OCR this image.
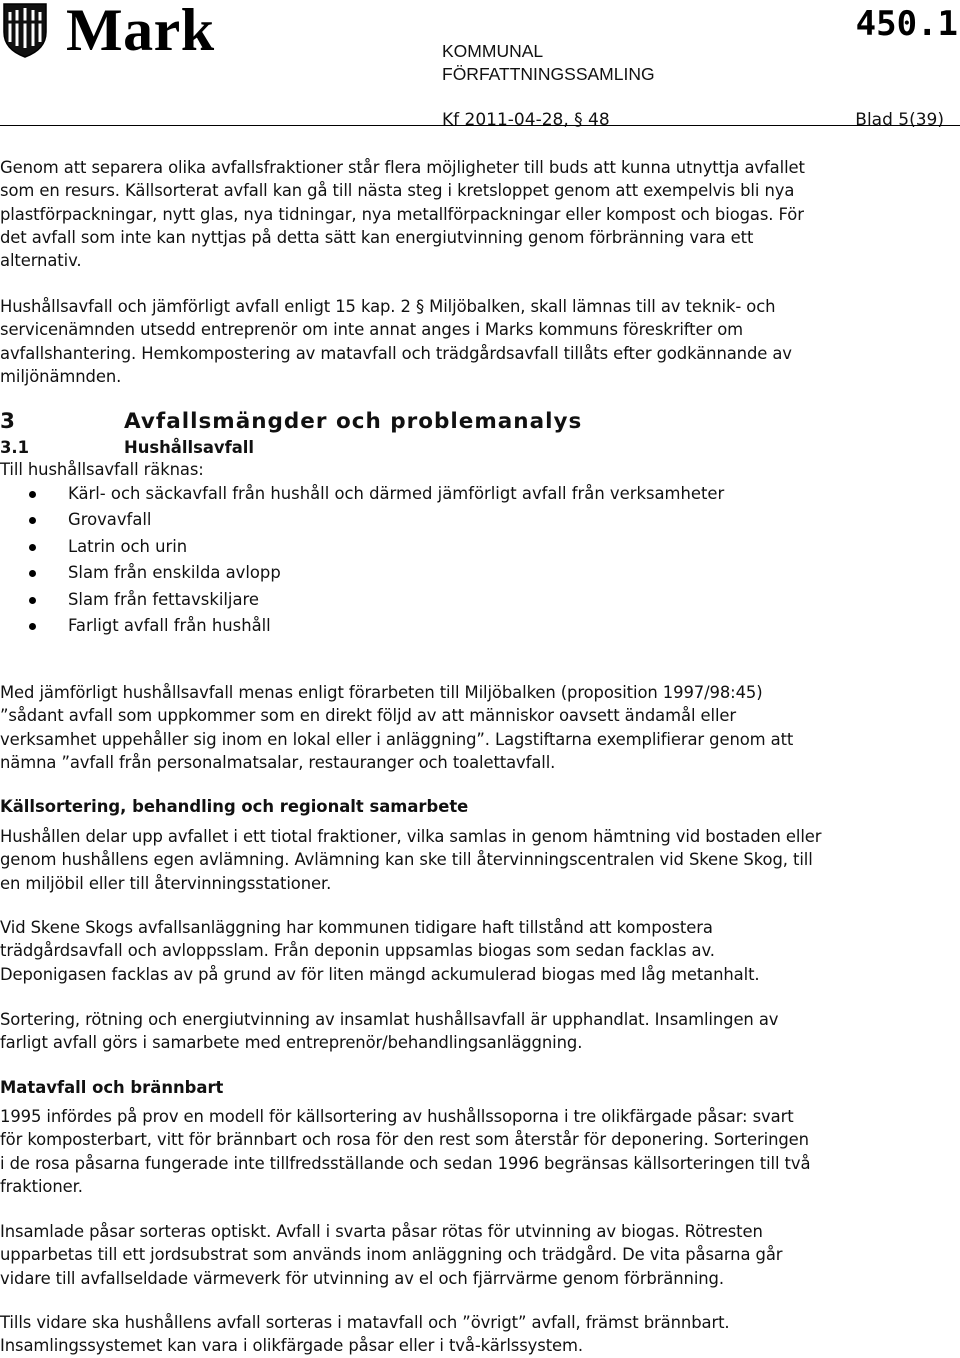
Mark	450.1
KOMMUNAL
FÖRFATTNINGSSAMLING
Kf 2011-04-28, § 48	Blad 5(39)
Genom att separera olika avfallsfraktioner står flera möjligheter till buds att kunna utnyttja avfallet
som en resurs. Källsorterat avfall kan gå till nästa steg i kretsloppet genom att exempelvis bli nya
plastförpackningar, nytt glas, nya tidningar, nya metallförpackningar eller kompost och biogas. För
det avfall som inte kan nyttjas på detta sätt kan energiutvinning genom förbränning vara ett
alternativ.
Hushållsavfall och jämförligt avfall enligt 15 kap. 2 § Miljöbalken, skall lämnas till av teknik- och
servicenämnden utsedd entreprenör om inte annat anges i Marks kommuns föreskrifter om
avfallshantering. Hemkompostering av matavfall och trädgårdsavfall tillåts efter godkännande av
miljönämnden.
3	Avfallsmängder och problemanalys
3.1	Hushållsavfall
Till hushållsavfall räknas:
Kärl- och säckavfall från hushåll och därmed jämförligt avfall från verksamheter
Grovavfall
Latrin och urin
Slam från enskilda avlopp
Slam från fettavskiljare
Farligt avfall från hushåll
Med jämförligt hushållsavfall menas enligt förarbeten till Miljöbalken (proposition 1997/98:45)
”sådant avfall som uppkommer som en direkt följd av att människor oavsett ändamål eller
verksamhet uppehåller sig inom en lokal eller i anläggning”. Lagstiftarna exemplifierar genom att
nämna ”avfall från personalmatsalar, restauranger och toalettavfall.
Källsortering, behandling och regionalt samarbete
Hushållen delar upp avfallet i ett tiotal fraktioner, vilka samlas in genom hämtning vid bostaden eller
genom hushållens egen avlämning. Avlämning kan ske till återvinningscentralen vid Skene Skog, till
en miljöbil eller till återvinningsstationer.
Vid Skene Skogs avfallsanläggning har kommunen tidigare haft tillstånd att kompostera
trädgårdsavfall och avloppsslam. Från deponin uppsamlas biogas som sedan facklas av.
Deponigasen facklas av på grund av för liten mängd ackumulerad biogas med låg metanhalt.
Sortering, rötning och energiutvinning av insamlat hushållsavfall är upphandlat. Insamlingen av
farligt avfall görs i samarbete med entreprenör/behandlingsanläggning.
Matavfall och brännbart
1995 infördes på prov en modell för källsortering av hushållssoporna i tre olikfärgade påsar: svart
för komposterbart, vitt för brännbart och rosa för den rest som återstår för deponering. Sorteringen
i de rosa påsarna fungerade inte tillfredsställande och sedan 1996 begränsas källsorteringen till två
fraktioner.
Insamlade påsar sorteras optiskt. Avfall i svarta påsar rötas för utvinning av biogas. Rötresten
upparbetas till ett jordsubstrat som används inom anläggning och trädgård. De vita påsarna går
vidare till avfallseldade värmeverk för utvinning av el och fjärrvärme genom förbränning.
Tills vidare ska hushållens avfall sorteras i matavfall och ”övrigt” avfall, främst brännbart.
Insamlingssystemet kan vara i olikfärgade påsar eller i två-kärlssystem.
